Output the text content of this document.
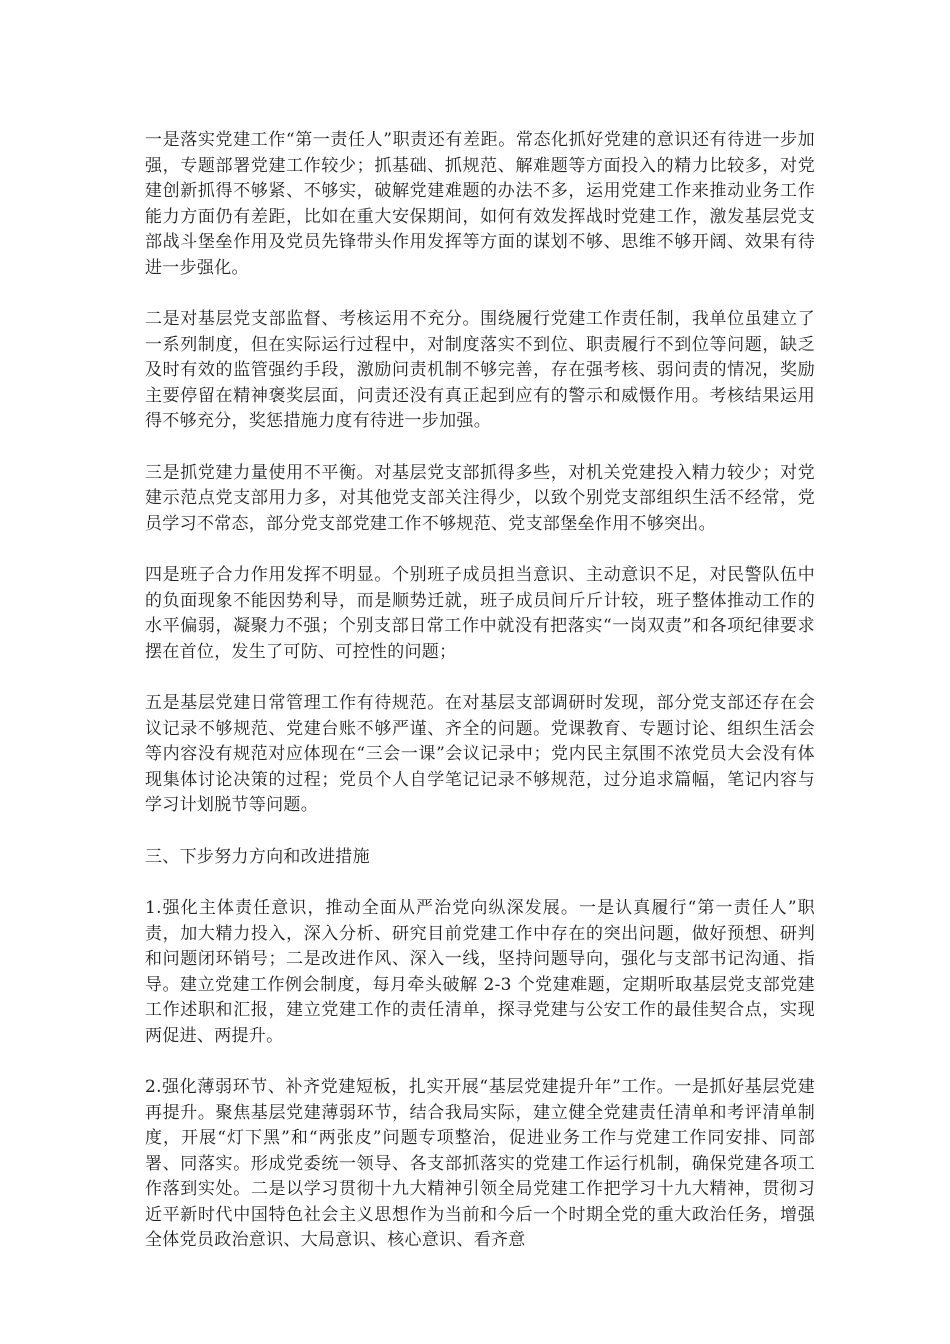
一是落实党建工作“第一责任人”职责还有差距。常态化抓好党建的意识还有待进一步加强，专题部署党建工作较少；抓基础、抓规范、解难题等方面投入的精力比较多，对党建创新抓得不够紧、不够实，破解党建难题的办法不多，运用党建工作来推动业务工作能力方面仍有差距，比如在重大安保期间，如何有效发挥战时党建工作，激发基层党支部战斗堡垒作用及党员先锋带头作用发挥等方面的谋划不够、思维不够开阔、效果有待进一步强化。

二是对基层党支部监督、考核运用不充分。围绕履行党建工作责任制，我单位虽建立了一系列制度，但在实际运行过程中，对制度落实不到位、职责履行不到位等问题，缺乏及时有效的监管强约手段，激励问责机制不够完善，存在强考核、弱问责的情况，奖励主要停留在精神褒奖层面，问责还没有真正起到应有的警示和威慑作用。考核结果运用得不够充分，奖惩措施力度有待进一步加强。

三是抓党建力量使用不平衡。对基层党支部抓得多些，对机关党建投入精力较少；对党建示范点党支部用力多，对其他党支部关注得少，以致个别党支部组织生活不经常，党员学习不常态，部分党支部党建工作不够规范、党支部堡垒作用不够突出。

四是班子合力作用发挥不明显。个别班子成员担当意识、主动意识不足，对民警队伍中的负面现象不能因势利导，而是顺势迁就，班子成员间斤斤计较，班子整体推动工作的水平偏弱，凝聚力不强；个别支部日常工作中就没有把落实“一岗双责”和各项纪律要求摆在首位，发生了可防、可控性的问题；

五是基层党建日常管理工作有待规范。在对基层支部调研时发现，部分党支部还存在会议记录不够规范、党建台账不够严谨、齐全的问题。党课教育、专题讨论、组织生活会等内容没有规范对应体现在“三会一课”会议记录中；党内民主氛围不浓党员大会没有体现集体讨论决策的过程；党员个人自学笔记记录不够规范，过分追求篇幅，笔记内容与学习计划脱节等问题。

三、下步努力方向和改进措施

1.强化主体责任意识，推动全面从严治党向纵深发展。一是认真履行“第一责任人”职责，加大精力投入，深入分析、研究目前党建工作中存在的突出问题，做好预想、研判和问题闭环销号；二是改进作风、深入一线，坚持问题导向，强化与支部书记沟通、指导。建立党建工作例会制度，每月牵头破解 2-3 个党建难题，定期听取基层党支部党建工作述职和汇报，建立党建工作的责任清单，探寻党建与公安工作的最佳契合点，实现两促进、两提升。

2.强化薄弱环节、补齐党建短板，扎实开展“基层党建提升年”工作。一是抓好基层党建再提升。聚焦基层党建薄弱环节，结合我局实际，建立健全党建责任清单和考评清单制度，开展“灯下黑”和“两张皮”问题专项整治，促进业务工作与党建工作同安排、同部署、同落实。形成党委统一领导、各支部抓落实的党建工作运行机制，确保党建各项工作落到实处。二是以学习贯彻十九大精神引领全局党建工作把学习十九大精神，贯彻习近平新时代中国特色社会主义思想作为当前和今后一个时期全党的重大政治任务，增强全体党员政治意识、大局意识、核心意识、看齐意
